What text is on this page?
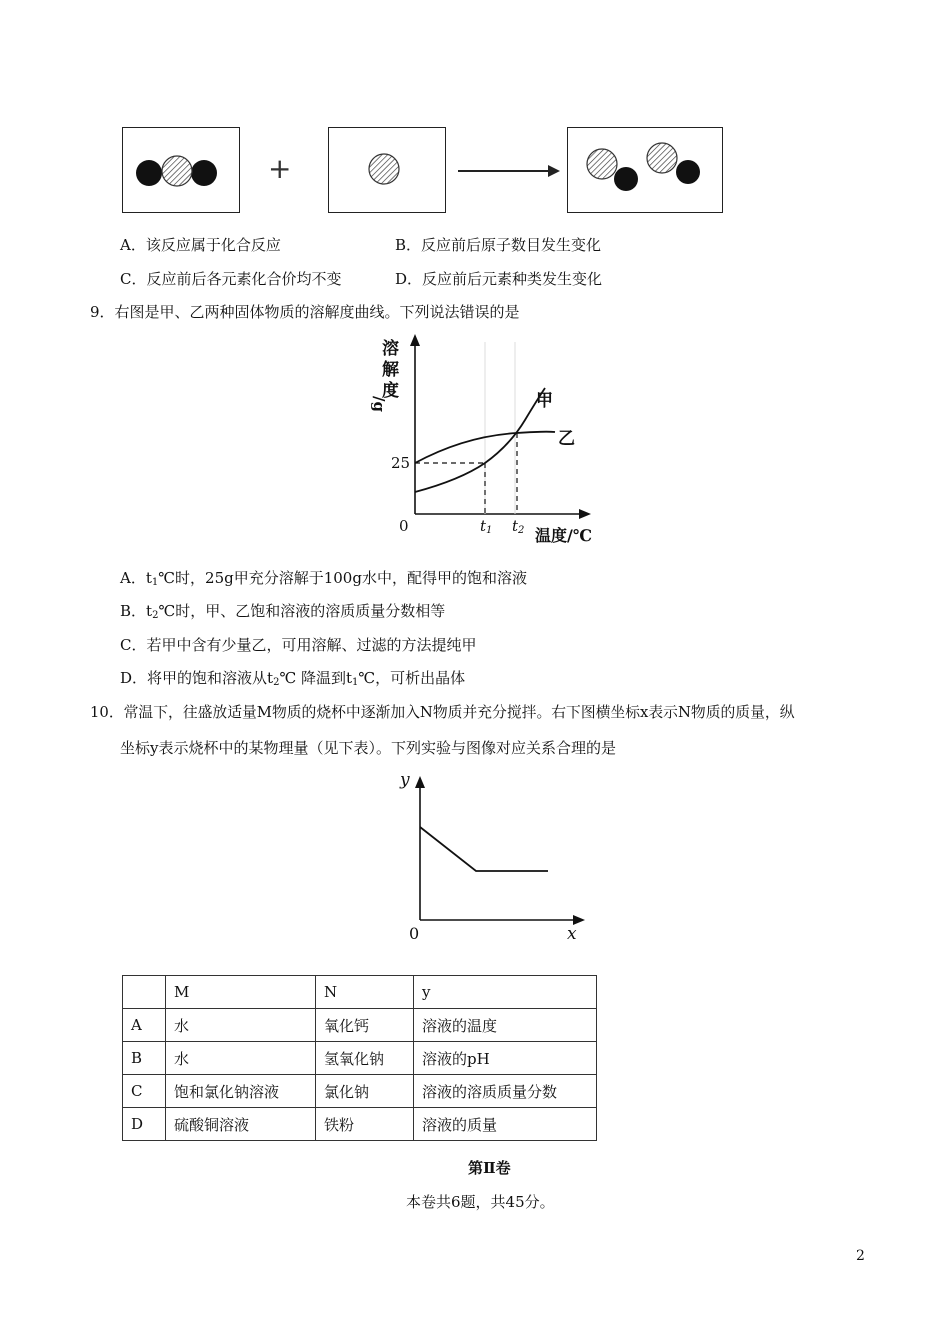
+
A．该反应属于化合反应	B．反应前后原子数目发生变化
C．反应前后各元素化合价均不变	D．反应前后元素种类发生变化
9．右图是甲、乙两种固体物质的溶解度曲线。下列说法错误的是
溶
解
度
/g
25
0	$t_1$ $t_2$ 温度/℃
甲
乙
A．$t_1℃$时，25g甲充分溶解于100g水中，配得甲的饱和溶液
B．$t_2℃$时，甲、乙饱和溶液的溶质质量分数相等
C．若甲中含有少量乙，可用溶解、过滤的方法提纯甲
D．将甲的饱和溶液从$t_2℃$ 降温到$t_1℃$，可析出晶体
10．常温下，往盛放适量M物质的烧杯中逐渐加入N物质并充分搅拌。右下图横坐标x表示N物质的质量，纵
坐标y表示烧杯中的某物理量（见下表）。下列实验与图像对应关系合理的是
y
0	x
	M	N	y
A	水	氧化钙	溶液的温度
B	水	氢氧化钠	溶液的pH
C	饱和氯化钠溶液	氯化钠	溶液的溶质质量分数
D	硫酸铜溶液	铁粉	溶液的质量
第Ⅱ卷
本卷共6题，共45分。
2
